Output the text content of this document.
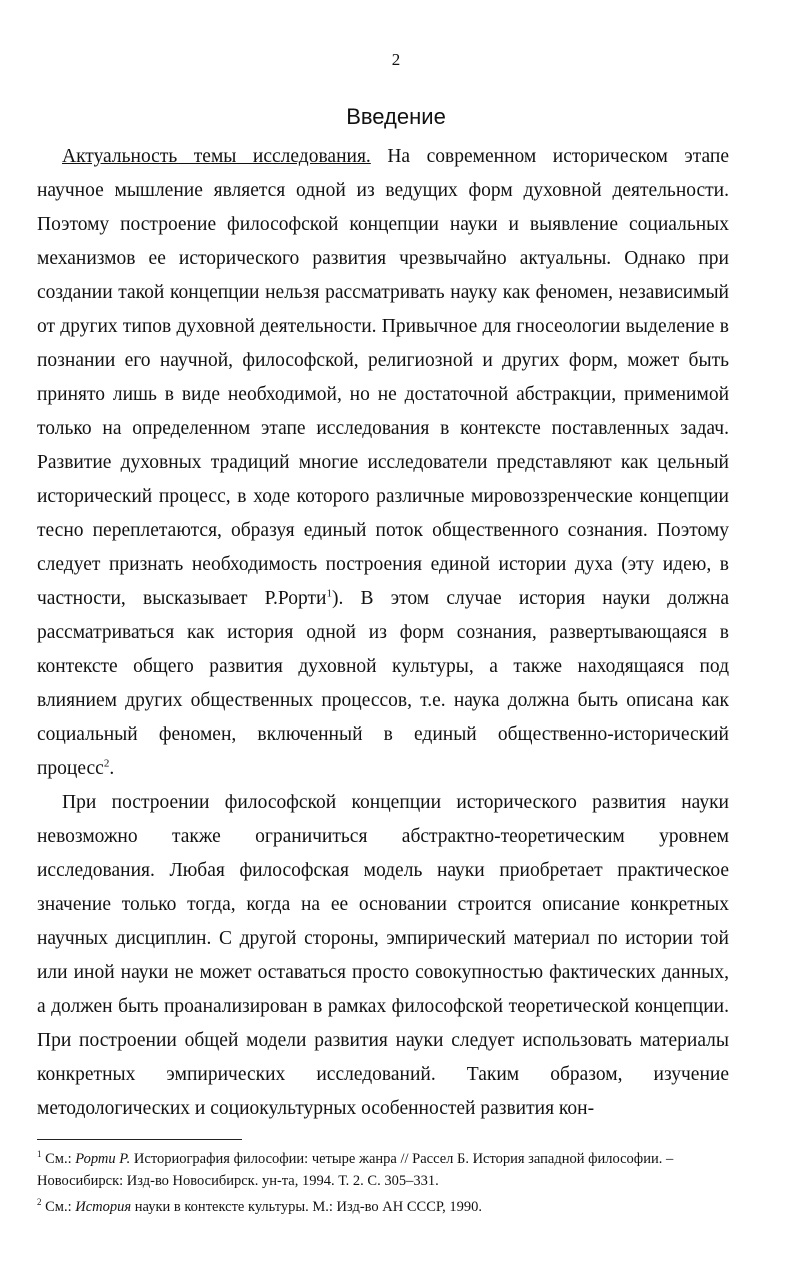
2
Введение

Актуальность темы исследования. На современном историческом этапе научное мышление является одной из ведущих форм духовной деятельности. Поэтому построение философской концепции науки и выявление социальных механизмов ее исторического развития чрезвычайно актуальны. Однако при создании такой концепции нельзя рассматривать науку как феномен, независимый от других типов духовной деятельности. Привычное для гносеологии выделение в познании его научной, философской, религиозной и других форм, может быть принято лишь в виде необходимой, но не достаточной абстракции, применимой только на определенном этапе исследования в контексте поставленных задач. Развитие духовных традиций многие исследователи представляют как цельный исторический процесс, в ходе которого различные мировоззренческие концепции тесно переплетаются, образуя единый поток общественного сознания. Поэтому следует признать необходимость построения единой истории духа (эту идею, в частности, высказывает Р.Рорти$^1$). В этом случае история науки должна рассматриваться как история одной из форм сознания, развертывающаяся в контексте общего развития духовной культуры, а также находящаяся под влиянием других общественных процессов, т.е. наука должна быть описана как социальный феномен, включенный в единый общественно-исторический процесс$^2$.

При построении философской концепции исторического развития науки невозможно также ограничиться абстрактно-теоретическим уровнем исследования. Любая философская модель науки приобретает практическое значение только тогда, когда на ее основании строится описание конкретных научных дисциплин. С другой стороны, эмпирический материал по истории той или иной науки не может оставаться просто совокупностью фактических данных, а должен быть проанализирован в рамках философской теоретической концепции. При построении общей модели развития науки следует использовать материалы конкретных эмпирических исследований. Таким образом, изучение методологических и социокультурных особенностей развития кон-

$^1$ См.: Рорти Р. Историография философии: четыре жанра // Рассел Б. История западной философии. – Новосибирск: Изд-во Новосибирск. ун-та, 1994. Т. 2. С. 305–331.

$^2$ См.: История науки в контексте культуры. М.: Изд-во АН СССР, 1990.
